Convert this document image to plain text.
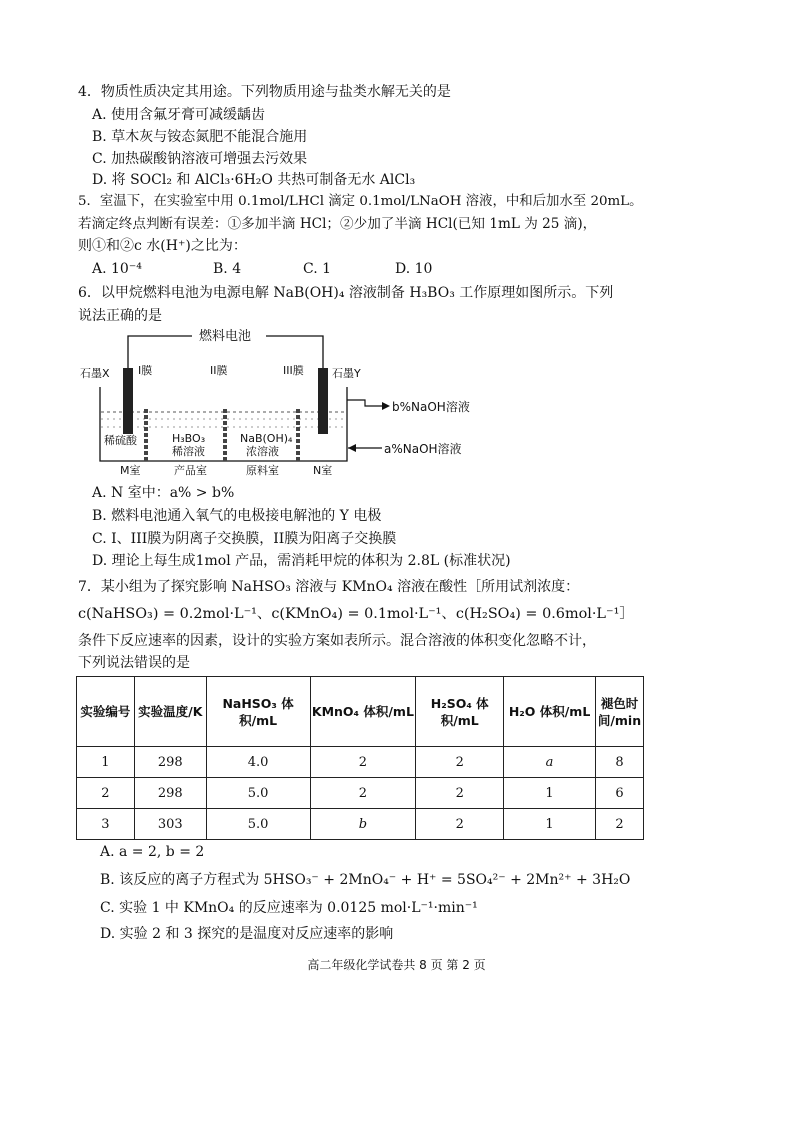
4．物质性质决定其用途。下列物质用途与盐类水解无关的是
A. 使用含氟牙膏可减缓龋齿
B. 草木灰与铵态氮肥不能混合施用
C. 加热碳酸钠溶液可增强去污效果
D. 将 SOCl₂ 和 AlCl₃·6H₂O 共热可制备无水 AlCl₃
5．室温下，在实验室中用 0.1mol/LHCl 滴定 0.1mol/LNaOH 溶液，中和后加水至 20mL。
若滴定终点判断有误差：①多加半滴 HCl；②少加了半滴 HCl(已知 1mL 为 25 滴)，
则①和②c 水(H⁺)之比为：
A. 10⁻⁴	B. 4	C. 1	D. 10
6．以甲烷燃料电池为电源电解 NaB(OH)₄ 溶液制备 H₃BO₃ 工作原理如图所示。下列
说法正确的是
燃料电池
石墨X	I膜	II膜	III膜	石墨Y
b%NaOH溶液
a%NaOH溶液
稀硫酸	H₃BO₃
稀溶液
NaB(OH)₄
浓溶液
M室	产品室	原料室	N室
A. N 室中：a% > b%
B. 燃料电池通入氧气的电极接电解池的 Y 电极
C. I、III膜为阴离子交换膜，II膜为阳离子交换膜
D. 理论上每生成1mol 产品，需消耗甲烷的体积为 2.8L (标准状况)
7．某小组为了探究影响 NaHSO₃ 溶液与 KMnO₄ 溶液在酸性［所用试剂浓度：
c(NaHSO₃) = 0.2mol·L⁻¹、c(KMnO₄) = 0.1mol·L⁻¹、c(H₂SO₄) = 0.6mol·L⁻¹］
条件下反应速率的因素，设计的实验方案如表所示。混合溶液的体积变化忽略不计，
下列说法错误的是
实验编号	实验温度/K	NaHSO₃ 体积/mL	KMnO₄ 体积/mL	H₂SO₄ 体积/mL	H₂O 体积/mL	褪色时间/min
1	298	4.0	2	2	a	8
2	298	5.0	2	2	1	6
3	303	5.0	b	2	1	2
A. a = 2, b = 2
B. 该反应的离子方程式为 5HSO₃⁻ + 2MnO₄⁻ + H⁺ = 5SO₄²⁻ + 2Mn²⁺ + 3H₂O
C. 实验 1 中 KMnO₄ 的反应速率为 0.0125 mol·L⁻¹·min⁻¹
D. 实验 2 和 3 探究的是温度对反应速率的影响
高二年级化学试卷共 8 页 第 2 页
